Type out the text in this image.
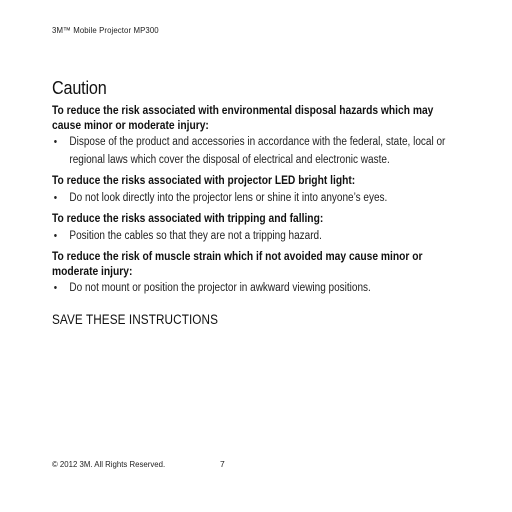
3M™ Mobile Projector MP300
Caution
To reduce the risk associated with environmental disposal hazards which may cause minor or moderate injury:
• Dispose of the product and accessories in accordance with the federal, state, local or regional laws which cover the disposal of electrical and electronic waste.
To reduce the risks associated with projector LED bright light:
• Do not look directly into the projector lens or shine it into anyone’s eyes.
To reduce the risks associated with tripping and falling:
• Position the cables so that they are not a tripping hazard.
To reduce the risk of muscle strain which if not avoided may cause minor or moderate injury:
• Do not mount or position the projector in awkward viewing positions.
SAVE THESE INSTRUCTIONS
© 2012 3M. All Rights Reserved.	7
